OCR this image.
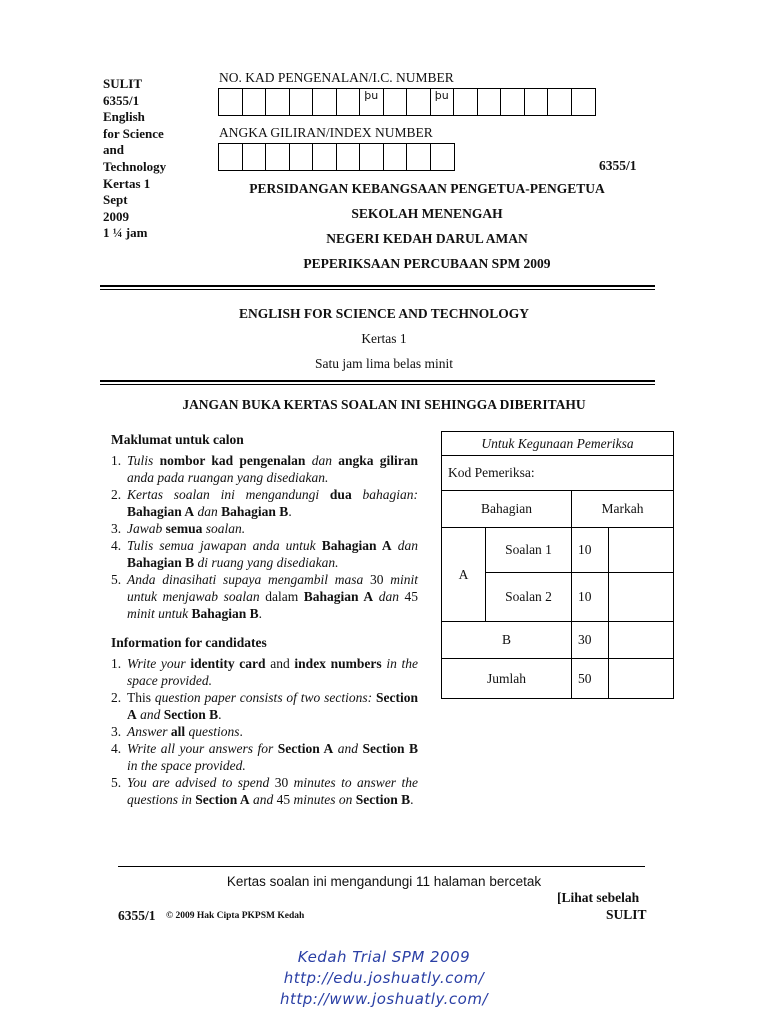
SULIT
6355/1
English
for Science
and
Technology
Kertas 1
Sept
2009
1 ¼ jam
NO. KAD PENGENALAN/I.C. NUMBER
þu	þu
ANGKA GILIRAN/INDEX NUMBER
6355/1
PERSIDANGAN KEBANGSAAN PENGETUA-PENGETUA
SEKOLAH MENENGAH
NEGERI KEDAH DARUL AMAN
PEPERIKSAAN PERCUBAAN SPM 2009
ENGLISH FOR SCIENCE AND TECHNOLOGY
Kertas 1
Satu jam lima belas minit
JANGAN BUKA KERTAS SOALAN INI SEHINGGA DIBERITAHU
Maklumat untuk calon
1. Tulis nombor kad pengenalan dan angka giliran anda pada ruangan yang disediakan.
2. Kertas soalan ini mengandungi dua bahagian: Bahagian A dan Bahagian B.
3. Jawab semua soalan.
4. Tulis semua jawapan anda untuk Bahagian A dan Bahagian B di ruang yang disediakan.
5. Anda dinasihati supaya mengambil masa 30 minit untuk menjawab soalan dalam Bahagian A dan 45 minit untuk Bahagian B.
Information for candidates
1. Write your identity card and index numbers in the space provided.
2. This question paper consists of two sections: Section A and Section B.
3. Answer all questions.
4. Write all your answers for Section A and Section B in the space provided.
5. You are advised to spend 30 minutes to answer the questions in Section A and 45 minutes on Section B.
Untuk Kegunaan Pemeriksa			
Kod Pemeriksa:			
Bahagian		Markah	
A	Soalan 1	10	
	Soalan 2	10	
B		30	
Jumlah		50	
Kertas soalan ini mengandungi 11 halaman bercetak
[Lihat sebelah
6355/1 © 2009 Hak Cipta PKPSM Kedah	SULIT
Kedah Trial SPM 2009
http://edu.joshuatly.com/
http://www.joshuatly.com/
